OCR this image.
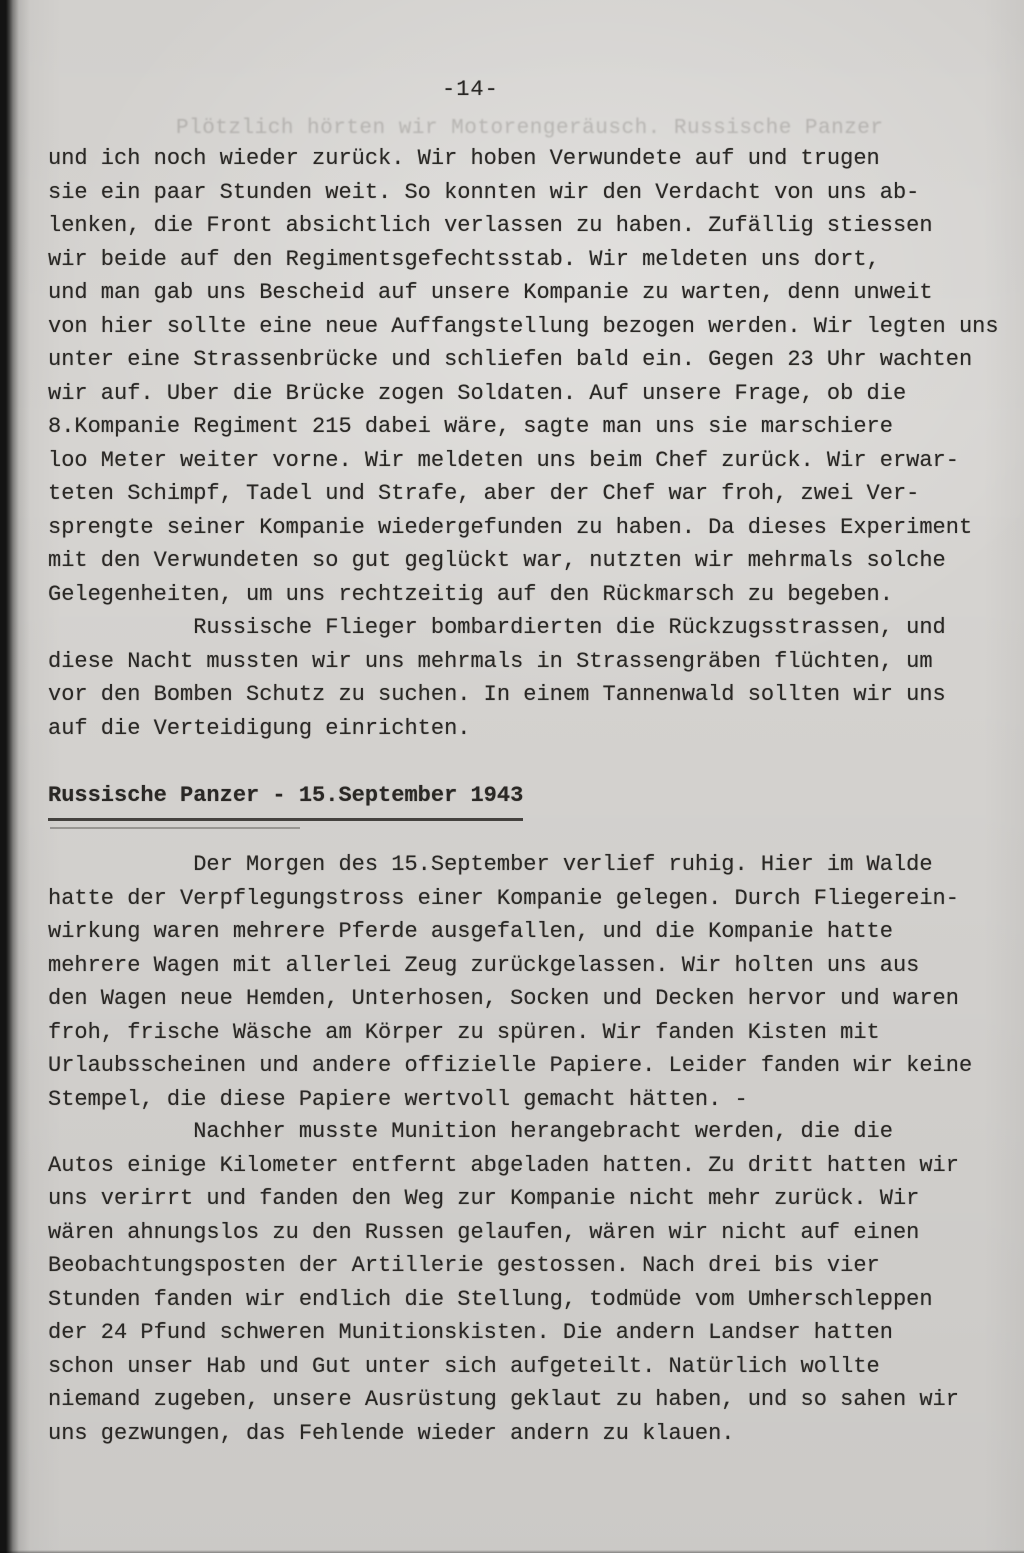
-14-
Plötzlich hörten wir Motorengeräusch. Russische Panzer
und ich noch wieder zurück. Wir hoben Verwundete auf und trugen
sie ein paar Stunden weit. So konnten wir den Verdacht von uns ab-
lenken, die Front absichtlich verlassen zu haben. Zufällig stiessen
wir beide auf den Regimentsgefechtsstab. Wir meldeten uns dort,
und man gab uns Bescheid auf unsere Kompanie zu warten, denn unweit
von hier sollte eine neue Auffangstellung bezogen werden. Wir legten uns
unter eine Strassenbrücke und schliefen bald ein. Gegen 23 Uhr wachten
wir auf. Uber die Brücke zogen Soldaten. Auf unsere Frage, ob die
8.Kompanie Regiment 215 dabei wäre, sagte man uns sie marschiere
loo Meter weiter vorne. Wir meldeten uns beim Chef zurück. Wir erwar-
teten Schimpf, Tadel und Strafe, aber der Chef war froh, zwei Ver-
sprengte seiner Kompanie wiedergefunden zu haben. Da dieses Experiment
mit den Verwundeten so gut geglückt war, nutzten wir mehrmals solche
Gelegenheiten, um uns rechtzeitig auf den Rückmarsch zu begeben.
Russische Flieger bombardierten die Rückzugsstrassen, und
diese Nacht mussten wir uns mehrmals in Strassengräben flüchten, um
vor den Bomben Schutz zu suchen. In einem Tannenwald sollten wir uns
auf die Verteidigung einrichten.
Russische Panzer - 15.September 1943
Der Morgen des 15.September verlief ruhig. Hier im Walde
hatte der Verpflegungstross einer Kompanie gelegen. Durch Fliegerein-
wirkung waren mehrere Pferde ausgefallen, und die Kompanie hatte
mehrere Wagen mit allerlei Zeug zurückgelassen. Wir holten uns aus
den Wagen neue Hemden, Unterhosen, Socken und Decken hervor und waren
froh, frische Wäsche am Körper zu spüren. Wir fanden Kisten mit
Urlaubsscheinen und andere offizielle Papiere. Leider fanden wir keine
Stempel, die diese Papiere wertvoll gemacht hätten. -
Nachher musste Munition herangebracht werden, die die
Autos einige Kilometer entfernt abgeladen hatten. Zu dritt hatten wir
uns verirrt und fanden den Weg zur Kompanie nicht mehr zurück. Wir
wären ahnungslos zu den Russen gelaufen, wären wir nicht auf einen
Beobachtungsposten der Artillerie gestossen. Nach drei bis vier
Stunden fanden wir endlich die Stellung, todmüde vom Umherschleppen
der 24 Pfund schweren Munitionskisten. Die andern Landser hatten
schon unser Hab und Gut unter sich aufgeteilt. Natürlich wollte
niemand zugeben, unsere Ausrüstung geklaut zu haben, und so sahen wir
uns gezwungen, das Fehlende wieder andern zu klauen.
